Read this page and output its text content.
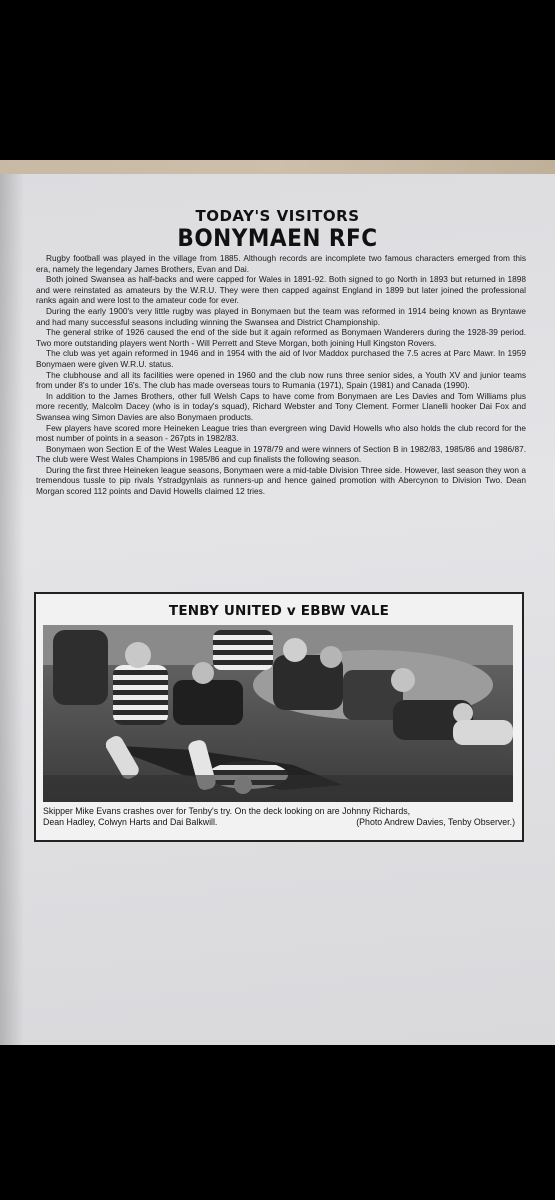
TODAY'S VISITORS
BONYMAEN RFC

Rugby football was played in the village from 1885. Although records are incomplete two famous characters emerged from this era, namely the legendary James Brothers, Evan and Dai.

Both joined Swansea as half-backs and were capped for Wales in 1891-92. Both signed to go North in 1893 but returned in 1898 and were reinstated as amateurs by the W.R.U. They were then capped against England in 1899 but later joined the professional ranks again and were lost to the amateur code for ever.

During the early 1900's very little rugby was played in Bonymaen but the team was reformed in 1914 being known as Bryntawe and had many successful seasons including winning the Swansea and District Championship.

The general strike of 1926 caused the end of the side but it again reformed as Bonymaen Wanderers during the 1928-39 period. Two more outstanding players went North - Will Perrett and Steve Morgan, both joining Hull Kingston Rovers.

The club was yet again reformed in 1946 and in 1954 with the aid of Ivor Maddox purchased the 7.5 acres at Parc Mawr. In 1959 Bonymaen were given W.R.U. status.

The clubhouse and all its facilities were opened in 1960 and the club now runs three senior sides, a Youth XV and junior teams from under 8's to under 16's. The club has made overseas tours to Rumania (1971), Spain (1981) and Canada (1990).

In addition to the James Brothers, other full Welsh Caps to have come from Bonymaen are Les Davies and Tom Williams plus more recently, Malcolm Dacey (who is in today's squad), Richard Webster and Tony Clement. Former Llanelli hooker Dai Fox and Swansea wing Simon Davies are also Bonymaen products.

Few players have scored more Heineken League tries than evergreen wing David Howells who also holds the club record for the most number of points in a season - 267pts in 1982/83.

Bonymaen won Section E of the West Wales League in 1978/79 and were winners of Section B in 1982/83, 1985/86 and 1986/87. The club were West Wales Champions in 1985/86 and cup finalists the following season.

During the first three Heineken league seasons, Bonymaen were a mid-table Division Three side. However, last season they won a tremendous tussle to pip rivals Ystradgynlais as runners-up and hence gained promotion with Abercynon to Division Two. Dean Morgan scored 112 points and David Howells claimed 12 tries.

TENBY UNITED v EBBW VALE
Skipper Mike Evans crashes over for Tenby's try. On the deck looking on are Johnny Richards,
Dean Hadley, Colwyn Harts and Dai Balkwill.	(Photo Andrew Davies, Tenby Observer.)
